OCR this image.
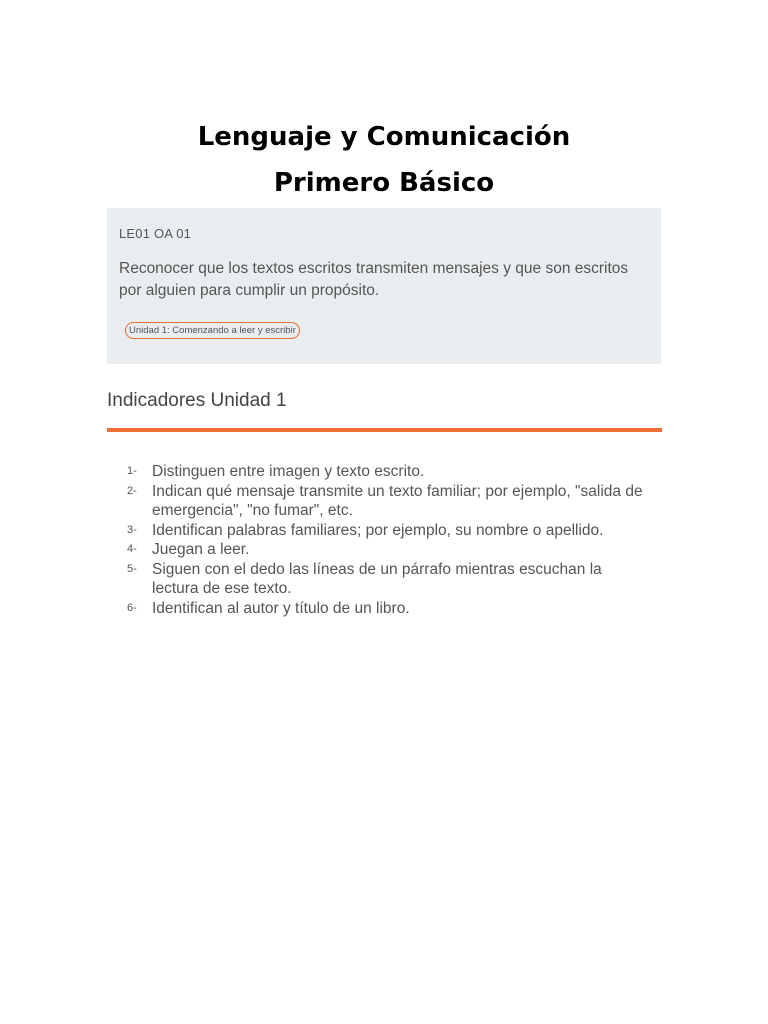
Lenguaje y Comunicación
Primero Básico
LE01 OA 01
Reconocer que los textos escritos transmiten mensajes y que son escritos por alguien para cumplir un propósito.
Unidad 1: Comenzando a leer y escribir
Indicadores Unidad 1
1- Distinguen entre imagen y texto escrito.
2- Indican qué mensaje transmite un texto familiar; por ejemplo, "salida de emergencia", "no fumar", etc.
3- Identifican palabras familiares; por ejemplo, su nombre o apellido.
4- Juegan a leer.
5- Siguen con el dedo las líneas de un párrafo mientras escuchan la lectura de ese texto.
6- Identifican al autor y título de un libro.
